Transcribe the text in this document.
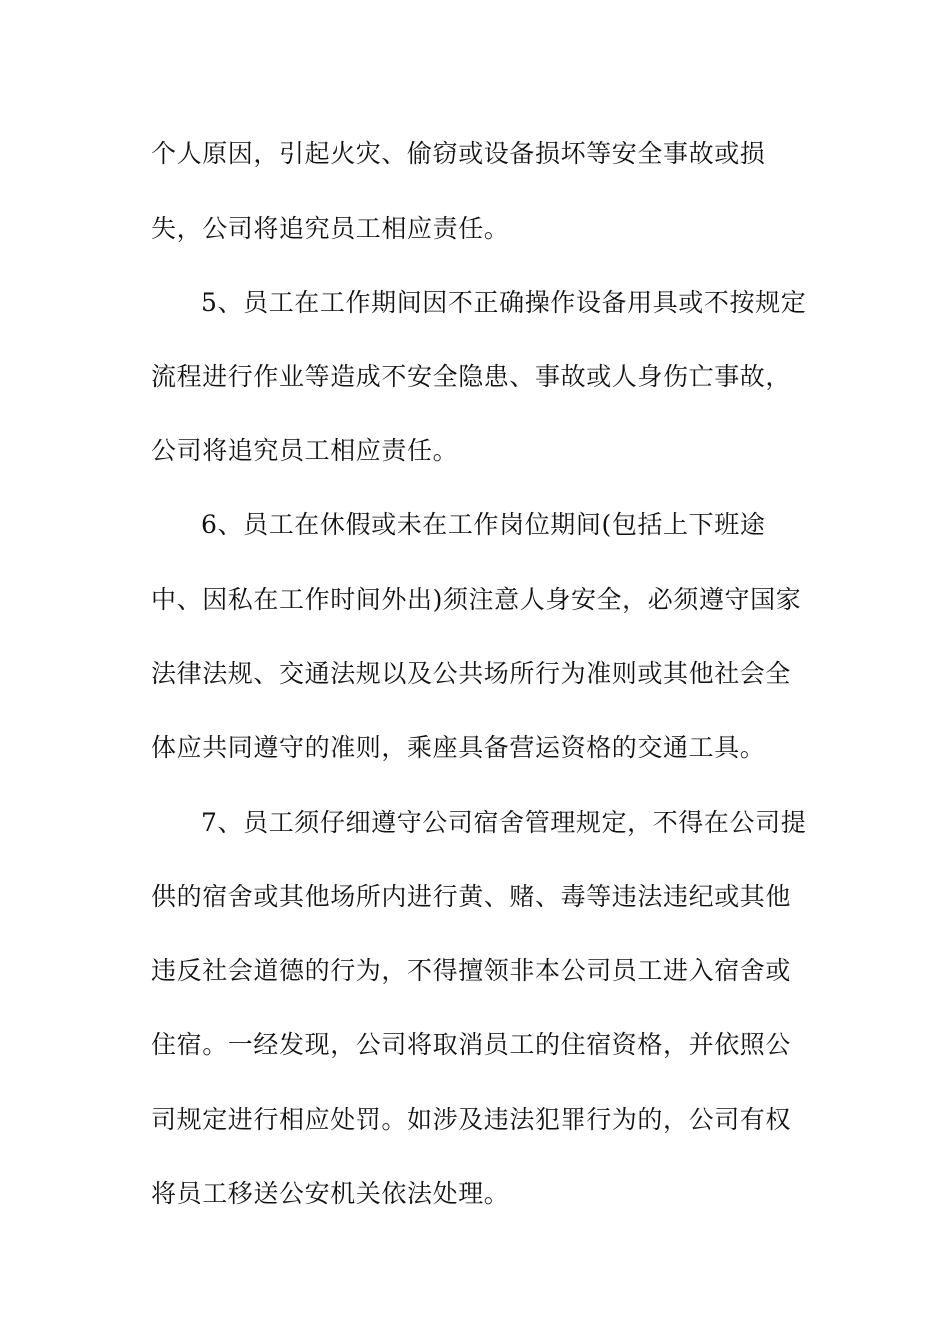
个人原因，引起火灾、偷窃或设备损坏等安全事故或损
失，公司将追究员工相应责任。
5、员工在工作期间因不正确操作设备用具或不按规定
流程进行作业等造成不安全隐患、事故或人身伤亡事故，
公司将追究员工相应责任。
6、员工在休假或未在工作岗位期间(包括上下班途
中、因私在工作时间外出)须注意人身安全，必须遵守国家
法律法规、交通法规以及公共场所行为准则或其他社会全
体应共同遵守的准则，乘座具备营运资格的交通工具。
7、员工须仔细遵守公司宿舍管理规定，不得在公司提
供的宿舍或其他场所内进行黄、赌、毒等违法违纪或其他
违反社会道德的行为，不得擅领非本公司员工进入宿舍或
住宿。一经发现，公司将取消员工的住宿资格，并依照公
司规定进行相应处罚。如涉及违法犯罪行为的，公司有权
将员工移送公安机关依法处理。
